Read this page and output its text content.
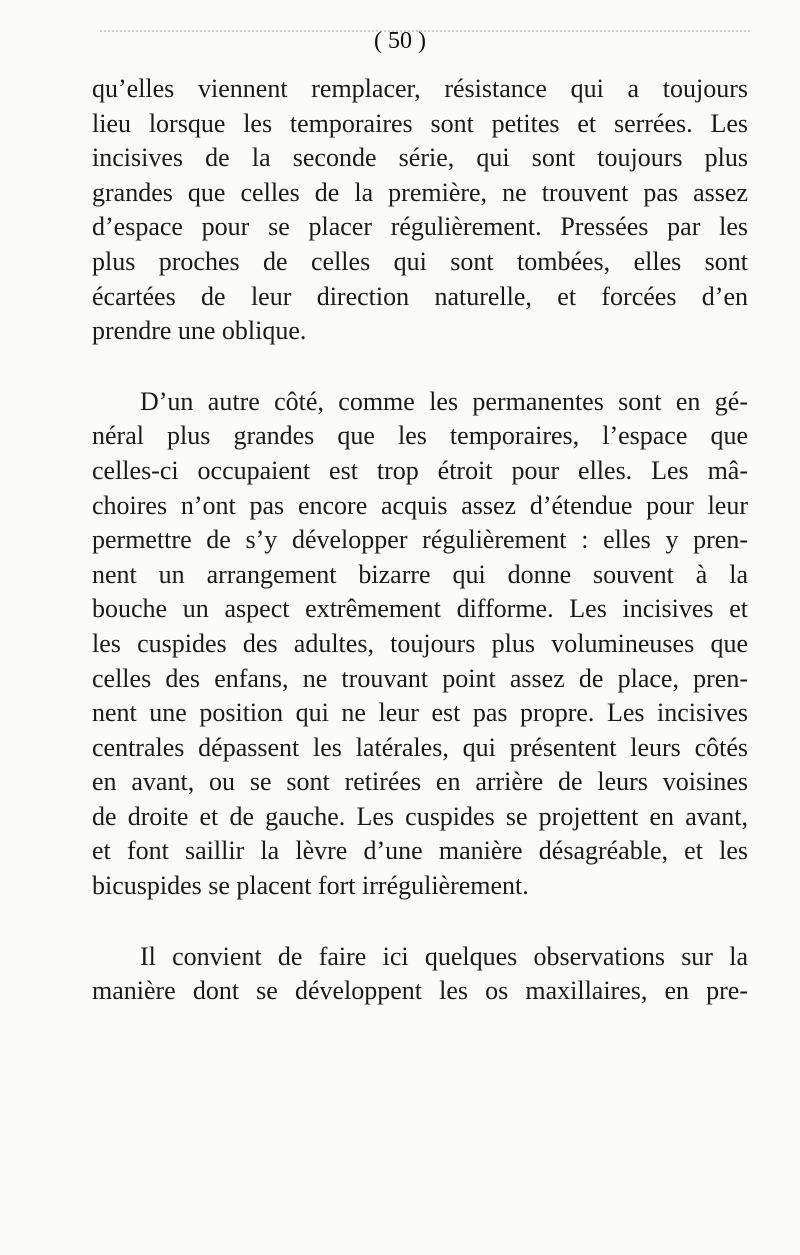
( 50 )
qu’elles viennent remplacer, résistance qui a toujours
lieu lorsque les temporaires sont petites et serrées. Les
incisives de la seconde série, qui sont toujours plus
grandes que celles de la première, ne trouvent pas assez
d’espace pour se placer régulièrement. Pressées par les
plus proches de celles qui sont tombées, elles sont
écartées de leur direction naturelle, et forcées d’en
prendre une oblique.
D’un autre côté, comme les permanentes sont en gé-
néral plus grandes que les temporaires, l’espace que
celles-ci occupaient est trop étroit pour elles. Les mâ-
choires n’ont pas encore acquis assez d’étendue pour leur
permettre de s’y développer régulièrement : elles y pren-
nent un arrangement bizarre qui donne souvent à la
bouche un aspect extrêmement difforme. Les incisives et
les cuspides des adultes, toujours plus volumineuses que
celles des enfans, ne trouvant point assez de place, pren-
nent une position qui ne leur est pas propre. Les incisives
centrales dépassent les latérales, qui présentent leurs côtés
en avant, ou se sont retirées en arrière de leurs voisines
de droite et de gauche. Les cuspides se projettent en avant,
et font saillir la lèvre d’une manière désagréable, et les
bicuspides se placent fort irrégulièrement.
Il convient de faire ici quelques observations sur la
manière dont se développent les os maxillaires, en pre-
